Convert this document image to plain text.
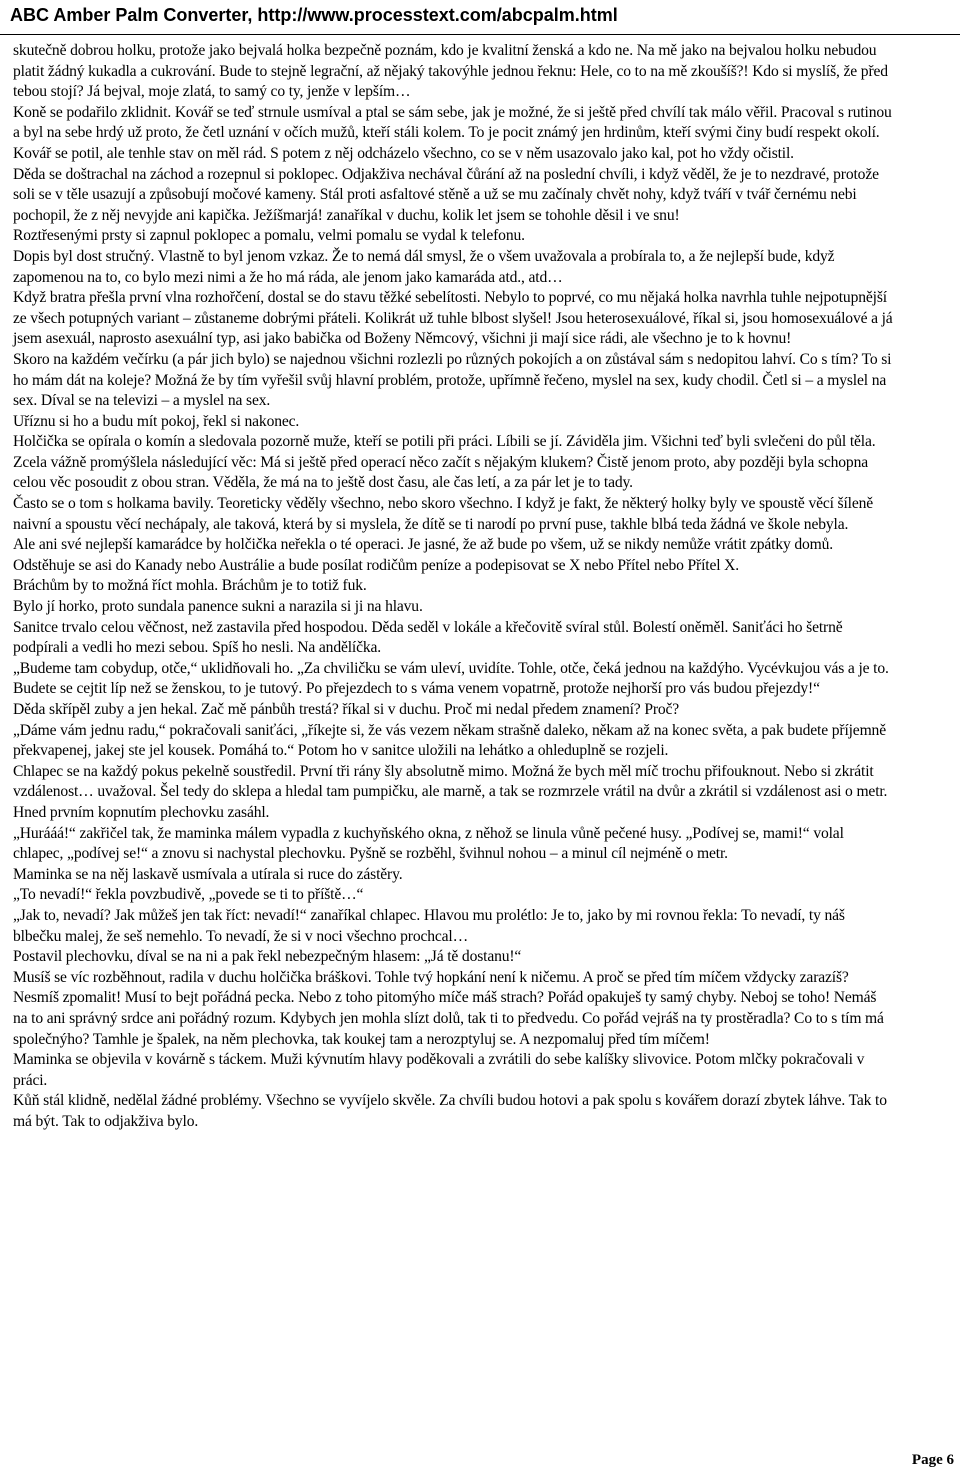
ABC Amber Palm Converter, http://www.processtext.com/abcpalm.html

skutečně dobrou holku, protože jako bejvalá holka bezpečně poznám, kdo je kvalitní ženská a kdo ne. Na mě jako na bejvalou holku nebudou platit žádný kukadla a cukrování. Bude to stejně legrační, až nějaký takovýhle jednou řeknu: Hele, co to na mě zkoušíš?! Kdo si myslíš, že před tebou stojí? Já bejval, moje zlatá, to samý co ty, jenže v lepším…

Koně se podařilo zklidnit. Kovář se teď strnule usmíval a ptal se sám sebe, jak je možné, že si ještě před chvílí tak málo věřil. Pracoval s rutinou a byl na sebe hrdý už proto, že četl uznání v očích mužů, kteří stáli kolem. To je pocit známý jen hrdinům, kteří svými činy budí respekt okolí. Kovář se potil, ale tenhle stav on měl rád. S potem z něj odcházelo všechno, co se v něm usazovalo jako kal, pot ho vždy očistil.

Děda se doštrachal na záchod a rozepnul si poklopec. Odjakživa nechával čůrání až na poslední chvíli, i když věděl, že je to nezdravé, protože soli se v těle usazují a způsobují močové kameny. Stál proti asfaltové stěně a už se mu začínaly chvět nohy, když tváří v tvář černému nebi pochopil, že z něj nevyjde ani kapička. Ježíšmarjá! zanaříkal v duchu, kolik let jsem se tohohle děsil i ve snu!

Roztřesenými prsty si zapnul poklopec a pomalu, velmi pomalu se vydal k telefonu.

Dopis byl dost stručný. Vlastně to byl jenom vzkaz. Že to nemá dál smysl, že o všem uvažovala a probírala to, a že nejlepší bude, když zapomenou na to, co bylo mezi nimi a že ho má ráda, ale jenom jako kamaráda atd., atd…

Když bratra přešla první vlna rozhořčení, dostal se do stavu těžké sebelítosti. Nebylo to poprvé, co mu nějaká holka navrhla tuhle nejpotupnější ze všech potupných variant – zůstaneme dobrými přáteli. Kolikrát už tuhle blbost slyšel! Jsou heterosexuálové, říkal si, jsou homosexuálové a já jsem asexuál, naprosto asexuální typ, asi jako babička od Boženy Němcový, všichni ji mají sice rádi, ale všechno je to k hovnu!

Skoro na každém večírku (a pár jich bylo) se najednou všichni rozlezli po různých pokojích a on zůstával sám s nedopitou lahví. Co s tím? To si ho mám dát na koleje? Možná že by tím vyřešil svůj hlavní problém, protože, upřímně řečeno, myslel na sex, kudy chodil. Četl si – a myslel na sex. Díval se na televizi – a myslel na sex.

Uříznu si ho a budu mít pokoj, řekl si nakonec.

Holčička se opírala o komín a sledovala pozorně muže, kteří se potili při práci. Líbili se jí. Záviděla jim. Všichni teď byli svlečeni do půl těla.

Zcela vážně promýšlela následující věc: Má si ještě před operací něco začít s nějakým klukem? Čistě jenom proto, aby později byla schopna celou věc posoudit z obou stran. Věděla, že má na to ještě dost času, ale čas letí, a za pár let je to tady.

Často se o tom s holkama bavily. Teoreticky věděly všechno, nebo skoro všechno. I když je fakt, že některý holky byly ve spoustě věcí šíleně naivní a spoustu věcí nechápaly, ale taková, která by si myslela, že dítě se ti narodí po první puse, takhle blbá teda žádná ve škole nebyla.

Ale ani své nejlepší kamarádce by holčička neřekla o té operaci. Je jasné, že až bude po všem, už se nikdy nemůže vrátit zpátky domů. Odstěhuje se asi do Kanady nebo Austrálie a bude posílat rodičům peníze a podepisovat se X nebo Přítel nebo Přítel X.

Bráchům by to možná říct mohla. Bráchům je to totiž fuk.

Bylo jí horko, proto sundala panence sukni a narazila si ji na hlavu.

Sanitce trvalo celou věčnost, než zastavila před hospodou. Děda seděl v lokále a křečovitě svíral stůl. Bolestí oněměl. Saniťáci ho šetrně podpírali a vedli ho mezi sebou. Spíš ho nesli. Na andělíčka.

„Budeme tam cobydup, otče,“ uklidňovali ho. „Za chviličku se vám uleví, uvidíte. Tohle, otče, čeká jednou na každýho. Vycévkujou vás a je to. Budete se cejtit líp než se ženskou, to je tutový. Po přejezdech to s váma venem vopatrně, protože nejhorší pro vás budou přejezdy!“

Děda skřípěl zuby a jen hekal. Zač mě pánbůh trestá? říkal si v duchu. Proč mi nedal předem znamení? Proč?

„Dáme vám jednu radu,“ pokračovali saniťáci, „říkejte si, že vás vezem někam strašně daleko, někam až na konec světa, a pak budete příjemně překvapenej, jakej ste jel kousek. Pomáhá to.“ Potom ho v sanitce uložili na lehátko a ohleduplně se rozjeli.

Chlapec se na každý pokus pekelně soustředil. První tři rány šly absolutně mimo. Možná že bych měl míč trochu přifouknout. Nebo si zkrátit vzdálenost… uvažoval. Šel tedy do sklepa a hledal tam pumpičku, ale marně, a tak se rozmrzele vrátil na dvůr a zkrátil si vzdálenost asi o metr. Hned prvním kopnutím plechovku zasáhl.

„Hurááá!“ zakřičel tak, že maminka málem vypadla z kuchyňského okna, z něhož se linula vůně pečené husy. „Podívej se, mami!“ volal chlapec, „podívej se!“ a znovu si nachystal plechovku. Pyšně se rozběhl, švihnul nohou – a minul cíl nejméně o metr.

Maminka se na něj laskavě usmívala a utírala si ruce do zástěry.

„To nevadí!“ řekla povzbudivě, „povede se ti to příště…“

„Jak to, nevadí? Jak můžeš jen tak říct: nevadí!“ zanaříkal chlapec. Hlavou mu prolétlo: Je to, jako by mi rovnou řekla: To nevadí, ty náš blbečku malej, že seš nemehlo. To nevadí, že si v noci všechno prochcal…

Postavil plechovku, díval se na ni a pak řekl nebezpečným hlasem: „Já tě dostanu!“

Musíš se víc rozběhnout, radila v duchu holčička bráškovi. Tohle tvý hopkání není k ničemu. A proč se před tím míčem vždycky zarazíš? Nesmíš zpomalit! Musí to bejt pořádná pecka. Nebo z toho pitomýho míče máš strach? Pořád opakuješ ty samý chyby. Neboj se toho! Nemáš na to ani správný srdce ani pořádný rozum. Kdybych jen mohla slízt dolů, tak ti to předvedu. Co pořád vejráš na ty prostěradla? Co to s tím má společnýho? Tamhle je špalek, na něm plechovka, tak koukej tam a nerozptyluj se. A nezpomaluj před tím míčem!

Maminka se objevila v kovárně s táckem. Muži kývnutím hlavy poděkovali a zvrátili do sebe kalíšky slivovice. Potom mlčky pokračovali v práci.

Kůň stál klidně, nedělal žádné problémy. Všechno se vyvíjelo skvěle. Za chvíli budou hotovi a pak spolu s kovářem dorazí zbytek láhve. Tak to má být. Tak to odjakživa bylo.

Page 6
